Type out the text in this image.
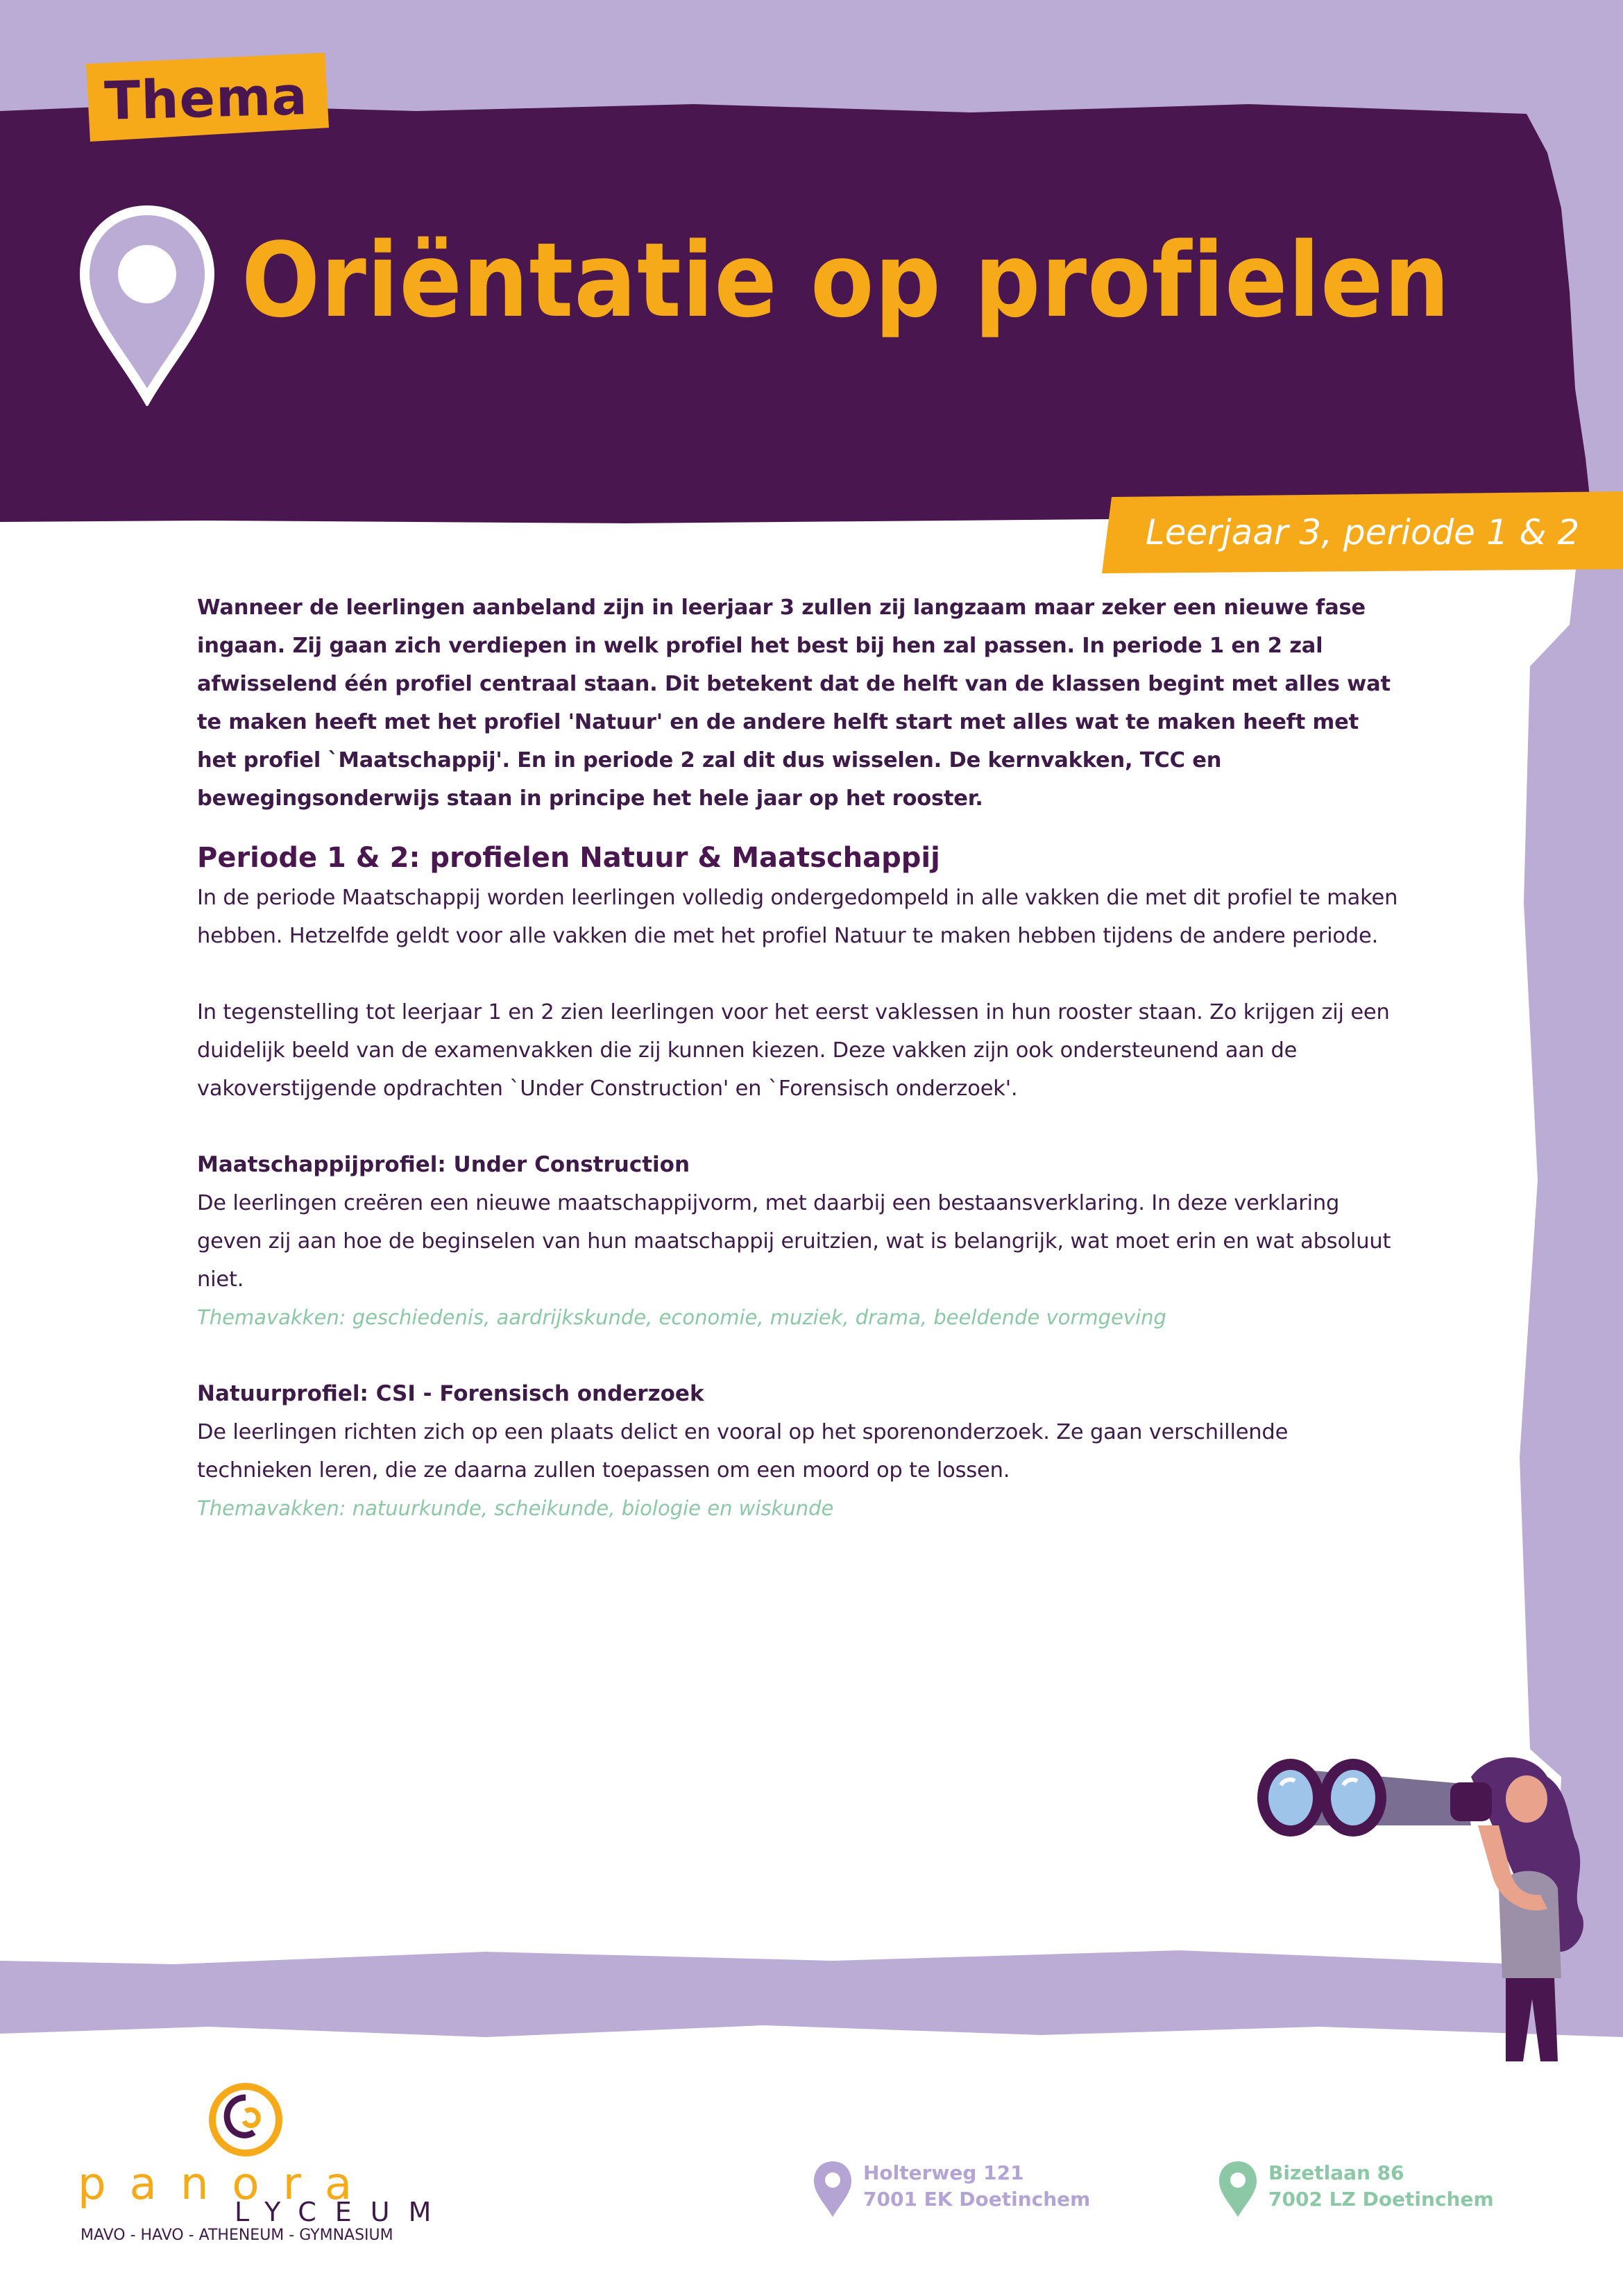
Thema
Oriëntatie op profielen
Leerjaar 3, periode 1 & 2

Wanneer de leerlingen aanbeland zijn in leerjaar 3 zullen zij langzaam maar zeker een nieuwe fase ingaan. Zij gaan zich verdiepen in welk profiel het best bij hen zal passen. In periode 1 en 2 zal afwisselend één profiel centraal staan. Dit betekent dat de helft van de klassen begint met alles wat te maken heeft met het profiel 'Natuur' en de andere helft start met alles wat te maken heeft met het profiel `Maatschappij'. En in periode 2 zal dit dus wisselen. De kernvakken, TCC en bewegingsonderwijs staan in principe het hele jaar op het rooster.

Periode 1 & 2: profielen Natuur & Maatschappij

In de periode Maatschappij worden leerlingen volledig ondergedompeld in alle vakken die met dit profiel te maken hebben. Hetzelfde geldt voor alle vakken die met het profiel Natuur te maken hebben tijdens de andere periode.

In tegenstelling tot leerjaar 1 en 2 zien leerlingen voor het eerst vaklessen in hun rooster staan. Zo krijgen zij een duidelijk beeld van de examenvakken die zij kunnen kiezen. Deze vakken zijn ook ondersteunend aan de vakoverstijgende opdrachten `Under Construction' en `Forensisch onderzoek'.

Maatschappijprofiel: Under Construction

De leerlingen creëren een nieuwe maatschappijvorm, met daarbij een bestaansverklaring. In deze verklaring geven zij aan hoe de beginselen van hun maatschappij eruitzien, wat is belangrijk, wat moet erin en wat absoluut niet.

Themavakken: geschiedenis, aardrijkskunde, economie, muziek, drama, beeldende vormgeving

Natuurprofiel: CSI - Forensisch onderzoek

De leerlingen richten zich op een plaats delict en vooral op het sporenonderzoek. Ze gaan verschillende technieken leren, die ze daarna zullen toepassen om een moord op te lossen.

Themavakken: natuurkunde, scheikunde, biologie en wiskunde

panora
LYCEUM
MAVO - HAVO - ATHENEUM - GYMNASIUM
Holterweg 121
7001 EK Doetinchem
Bizetlaan 86
7002 LZ Doetinchem
